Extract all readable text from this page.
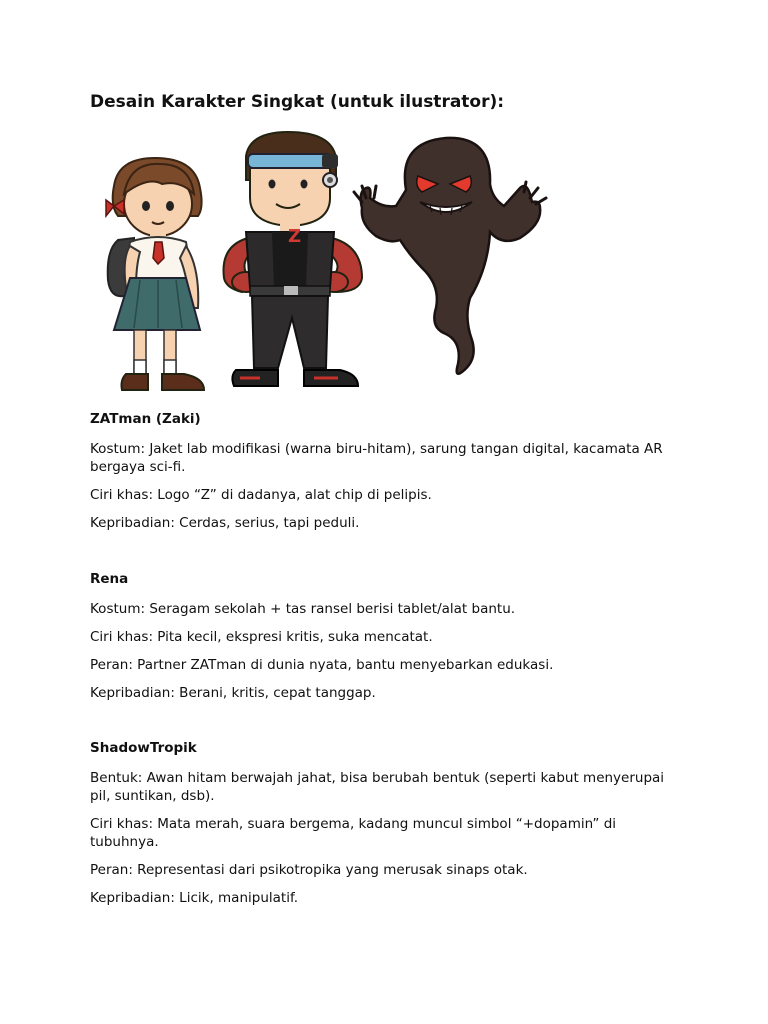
Desain Karakter Singkat (untuk ilustrator):
Z
ZATman (Zaki)

Kostum: Jaket lab modifikasi (warna biru-hitam), sarung tangan digital, kacamata AR bergaya sci-fi.

Ciri khas: Logo “Z” di dadanya, alat chip di pelipis.

Kepribadian: Cerdas, serius, tapi peduli.

Rena

Kostum: Seragam sekolah + tas ransel berisi tablet/alat bantu.

Ciri khas: Pita kecil, ekspresi kritis, suka mencatat.

Peran: Partner ZATman di dunia nyata, bantu menyebarkan edukasi.

Kepribadian: Berani, kritis, cepat tanggap.

ShadowTropik

Bentuk: Awan hitam berwajah jahat, bisa berubah bentuk (seperti kabut menyerupai pil, suntikan, dsb).

Ciri khas: Mata merah, suara bergema, kadang muncul simbol “+dopamin” di tubuhnya.

Peran: Representasi dari psikotropika yang merusak sinaps otak.

Kepribadian: Licik, manipulatif.
